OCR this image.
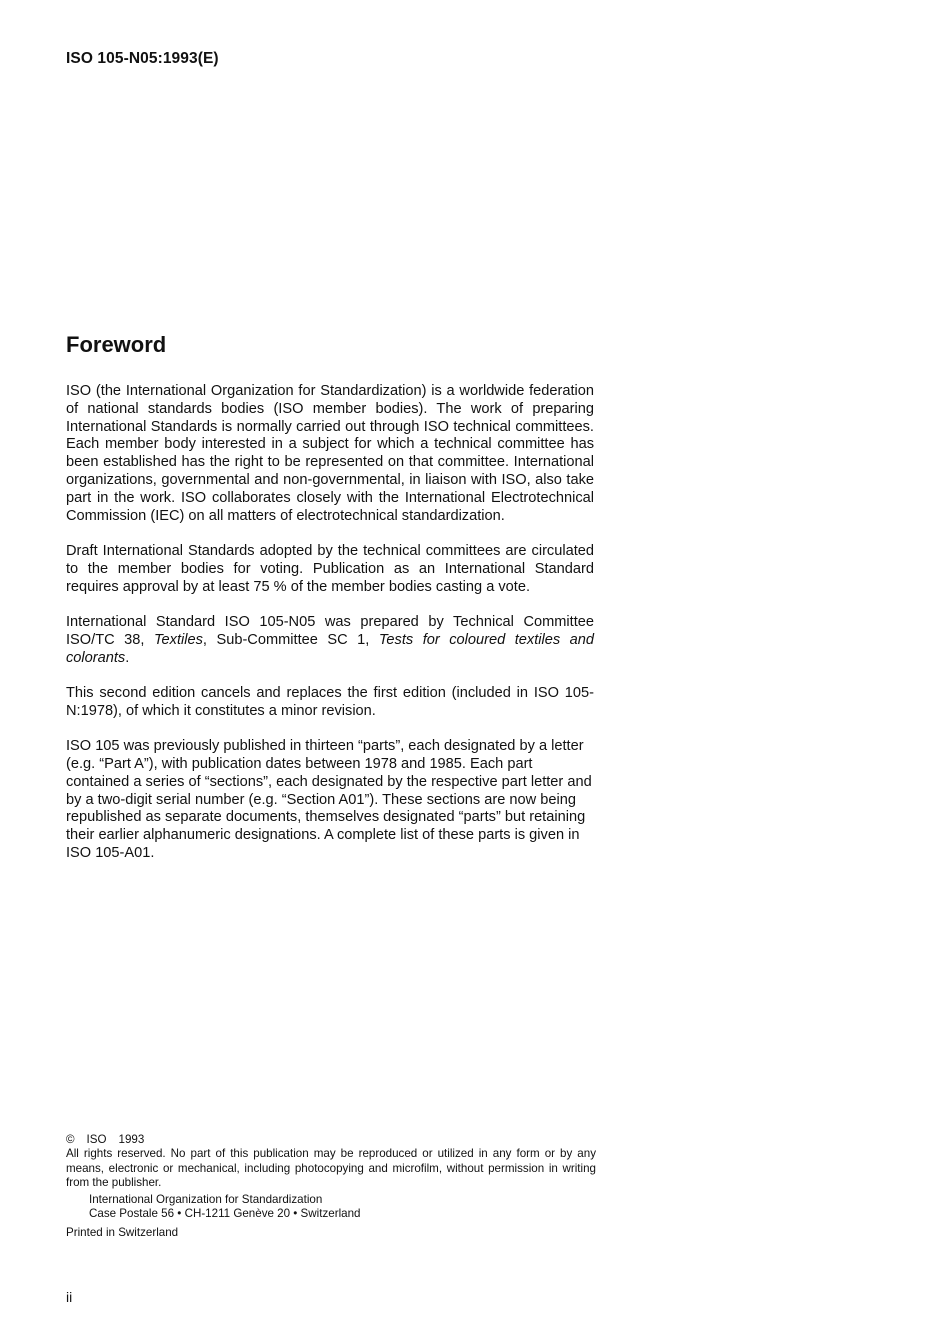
ISO 105-N05:1993(E)
Foreword

ISO (the International Organization for Standardization) is a worldwide federation of national standards bodies (ISO member bodies). The work of preparing International Standards is normally carried out through ISO technical committees. Each member body interested in a subject for which a technical committee has been established has the right to be represented on that committee. International organizations, governmental and non-governmental, in liaison with ISO, also take part in the work. ISO collaborates closely with the International Electrotechnical Commission (IEC) on all matters of electrotechnical standardization.

Draft International Standards adopted by the technical committees are circulated to the member bodies for voting. Publication as an International Standard requires approval by at least 75 % of the member bodies casting a vote.

International Standard ISO 105-N05 was prepared by Technical Committee ISO/TC 38, Textiles, Sub-Committee SC 1, Tests for coloured textiles and colorants.

This second edition cancels and replaces the first edition (included in ISO 105-N:1978), of which it constitutes a minor revision.

ISO 105 was previously published in thirteen “parts”, each designated by a letter (e.g. “Part A”), with publication dates between 1978 and 1985. Each part contained a series of “sections”, each designated by the respective part letter and by a two-digit serial number (e.g. “Section A01”). These sections are now being republished as separate documents, themselves designated “parts” but retaining their earlier alphanumeric designations. A complete list of these parts is given in ISO 105-A01.

© ISO 1993

All rights reserved. No part of this publication may be reproduced or utilized in any form or by any means, electronic or mechanical, including photocopying and microfilm, without permission in writing from the publisher.

International Organization for Standardization
Case Postale 56 • CH-1211 Genève 20 • Switzerland
Printed in Switzerland
ii
